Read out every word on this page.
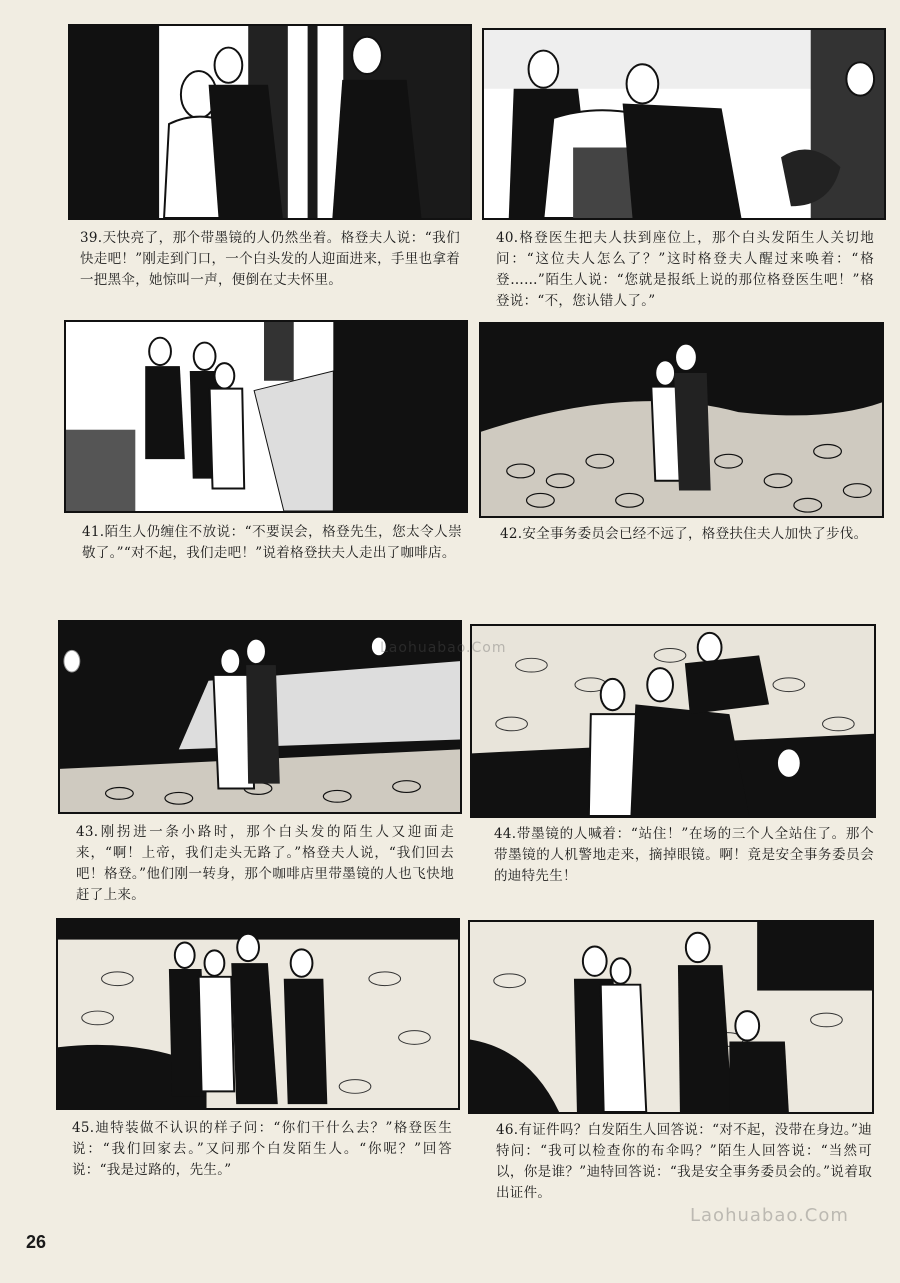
39.天快亮了，那个带墨镜的人仍然坐着。格登夫人说：“我们快走吧！”刚走到门口，一个白头发的人迎面进来，手里也拿着一把黑伞，她惊叫一声，便倒在丈夫怀里。
40.格登医生把夫人扶到座位上，那个白头发陌生人关切地问：“这位夫人怎么了？”这时格登夫人醒过来唤着：“格登……”陌生人说：“您就是报纸上说的那位格登医生吧！”格登说：“不，您认错人了。”
41.陌生人仍缠住不放说：“不要误会，格登先生，您太令人崇敬了。”“对不起，我们走吧！”说着格登扶夫人走出了咖啡店。
42.安全事务委员会已经不远了，格登扶住夫人加快了步伐。
43.刚拐进一条小路时，那个白头发的陌生人又迎面走来，“啊！上帝，我们走头无路了。”格登夫人说，“我们回去吧！格登。”他们刚一转身，那个咖啡店里带墨镜的人也飞快地赶了上来。
44.带墨镜的人喊着：“站住！”在场的三个人全站住了。那个带墨镜的人机警地走来，摘掉眼镜。啊！竟是安全事务委员会的迪特先生！
45.迪特装做不认识的样子问：“你们干什么去？”格登医生说：“我们回家去。”又问那个白发陌生人。“你呢？”回答说：“我是过路的，先生。”
46.有证件吗？白发陌生人回答说：“对不起，没带在身边。”迪特问：“我可以检查你的布伞吗？”陌生人回答说：“当然可以，你是谁？”迪特回答说：“我是安全事务委员会的。”说着取出证件。
26
Laohuabao.Com
Laohuabao.Com
